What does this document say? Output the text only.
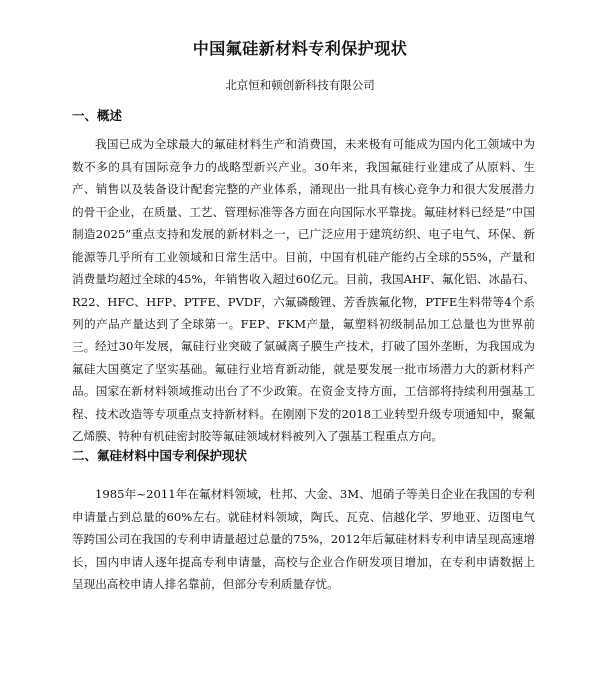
中国氟硅新材料专利保护现状
北京恒和顿创新科技有限公司
一、概述

我国已成为全球最大的氟硅材料生产和消费国，未来极有可能成为国内化工领域中为数不多的具有国际竞争力的战略型新兴产业。30年来，我国氟硅行业建成了从原料、生产、销售以及装备设计配套完整的产业体系，涌现出一批具有核心竞争力和很大发展潜力的骨干企业，在质量、工艺、管理标准等各方面在向国际水平靠拢。氟硅材料已经是“中国制造2025”重点支持和发展的新材料之一，已广泛应用于建筑纺织、电子电气、环保、新能源等几乎所有工业领域和日常生活中。目前，中国有机硅产能约占全球的55%，产量和消费量均超过全球的45%，年销售收入超过60亿元。目前，我国AHF、氟化铝、冰晶石、R22、HFC、HFP、PTFE、PVDF，六氟磷酸锂、芳香族氟化物，PTFE生料带等4个系列的产品产量达到了全球第一。FEP、FKM产量，氟塑料初级制品加工总量也为世界前三。 经过30年发展，氟硅行业突破了氯碱离子膜生产技术，打破了国外垄断，为我国成为氟硅大国奠定了坚实基础。氟硅行业培育新动能，就是要发展一批市场潜力大的新材料产品。国家在新材料领域推动出台了不少政策。在资金支持方面，工信部将持续利用强基工程、技术改造等专项重点支持新材料。在刚刚下发的2018工业转型升级专项通知中，聚氟乙烯膜、特种有机硅密封胶等氟硅领域材料被列入了强基工程重点方向。

二、氟硅材料中国专利保护现状

1985年~2011年在氟材料领域，杜邦、大金、3M、旭硝子等美日企业在我国的专利申请量占到总量的60%左右。就硅材料领域，陶氏、瓦克、信越化学、罗地亚、迈图电气等跨国公司在我国的专利申请量超过总量的75%，2012年后氟硅材料专利申请呈现高速增长，国内申请人逐年提高专利申请量，高校与企业合作研发项目增加，在专利申请数据上呈现出高校申请人排名靠前，但部分专利质量存忧。
